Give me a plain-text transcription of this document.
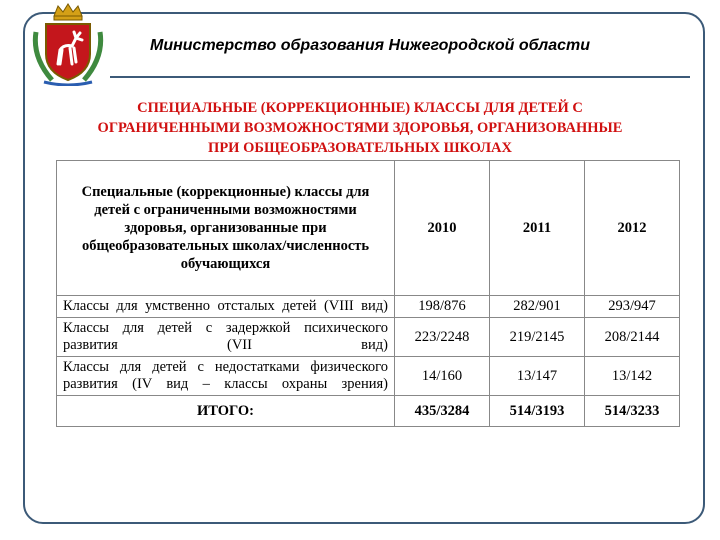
Министерство образования Нижегородской области
СПЕЦИАЛЬНЫЕ (КОРРЕКЦИОННЫЕ) КЛАССЫ ДЛЯ ДЕТЕЙ С
ОГРАНИЧЕННЫМИ ВОЗМОЖНОСТЯМИ ЗДОРОВЬЯ, ОРГАНИЗОВАННЫЕ
ПРИ ОБЩЕОБРАЗОВАТЕЛЬНЫХ ШКОЛАХ
Специальные (коррекционные) классы для детей с ограниченными возможностями здоровья, организованные при общеобразовательных школах/численность обучающихся	2010	2011	2012
Классы для умственно отсталых детей (VIII вид)	198/876	282/901	293/947
Классы для детей с задержкой психического развития (VII вид)	223/2248	219/2145	208/2144
Классы для детей с недостатками физического развития (IV вид – классы охраны зрения)	14/160	13/147	13/142
ИТОГО:	435/3284	514/3193	514/3233
